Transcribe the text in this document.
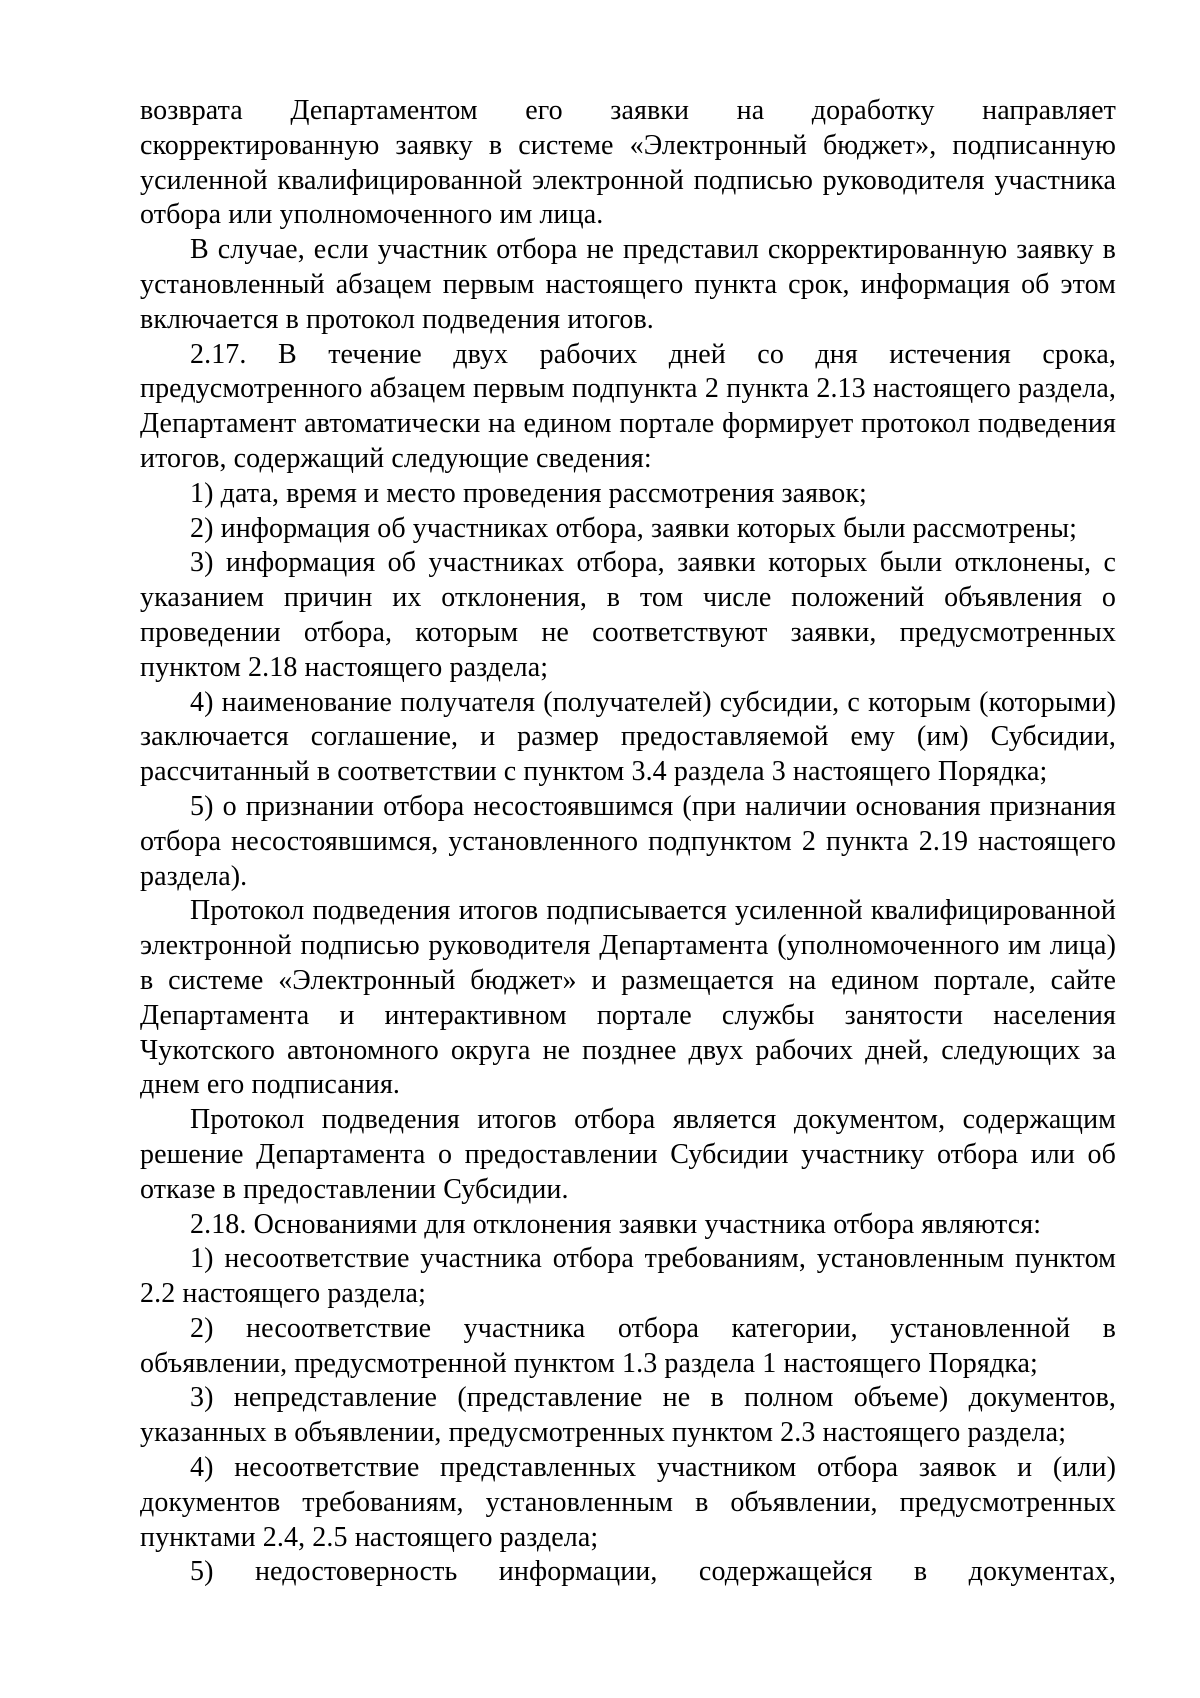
возврата Департаментом его заявки на доработку направляет скорректированную заявку в системе «Электронный бюджет», подписанную усиленной квалифицированной электронной подписью руководителя участника отбора или уполномоченного им лица.

В случае, если участник отбора не представил скорректированную заявку в установленный абзацем первым настоящего пункта срок, информация об этом включается в протокол подведения итогов.

2.17. В течение двух рабочих дней со дня истечения срока, предусмотренного абзацем первым подпункта 2 пункта 2.13 настоящего раздела, Департамент автоматически на едином портале формирует протокол подведения итогов, содержащий следующие сведения:

1) дата, время и место проведения рассмотрения заявок;

2) информация об участниках отбора, заявки которых были рассмотрены;

3) информация об участниках отбора, заявки которых были отклонены, с указанием причин их отклонения, в том числе положений объявления о проведении отбора, которым не соответствуют заявки, предусмотренных пунктом 2.18 настоящего раздела;

4) наименование получателя (получателей) субсидии, с которым (которыми) заключается соглашение, и размер предоставляемой ему (им) Субсидии, рассчитанный в соответствии с пунктом 3.4 раздела 3 настоящего Порядка;

5) о признании отбора несостоявшимся (при наличии основания признания отбора несостоявшимся, установленного подпунктом 2 пункта 2.19 настоящего раздела).

Протокол подведения итогов подписывается усиленной квалифицированной электронной подписью руководителя Департамента (уполномоченного им лица) в системе «Электронный бюджет» и размещается на едином портале, сайте Департамента и интерактивном портале службы занятости населения Чукотского автономного округа не позднее двух рабочих дней, следующих за днем его подписания.

Протокол подведения итогов отбора является документом, содержащим решение Департамента о предоставлении Субсидии участнику отбора или об отказе в предоставлении Субсидии.

2.18. Основаниями для отклонения заявки участника отбора являются:

1) несоответствие участника отбора требованиям, установленным пунктом 2.2 настоящего раздела;

2) несоответствие участника отбора категории, установленной в объявлении, предусмотренной пунктом 1.3 раздела 1 настоящего Порядка;

3) непредставление (представление не в полном объеме) документов, указанных в объявлении, предусмотренных пунктом 2.3 настоящего раздела;

4) несоответствие представленных участником отбора заявок и (или) документов требованиям, установленным в объявлении, предусмотренных пунктами 2.4, 2.5 настоящего раздела;

5) недостоверность информации, содержащейся в документах,
